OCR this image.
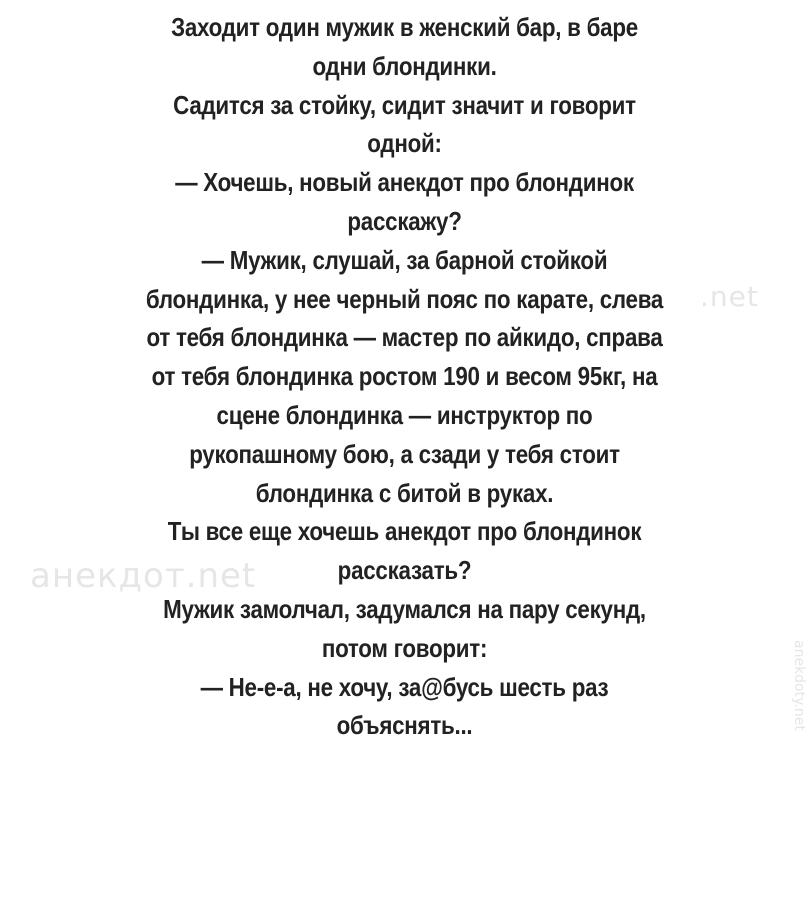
анекдот.net
.net
anekdoty.net
Заходит один мужик в женский бар, в баре
одни блондинки.
Садится за стойку, сидит значит и говорит
одной:
— Хочешь, новый анекдот про блондинок
расскажу?
— Мужик, слушай, за барной стойкой
блондинка, у нее черный пояс по карате, слева
от тебя блондинка — мастер по айкидо, справа
от тебя блондинка ростом 190 и весом 95кг, на
сцене блондинка — инструктор по
рукопашному бою, а сзади у тебя стоит
блондинка с битой в руках.
Ты все еще хочешь анекдот про блондинок
рассказать?
Мужик замолчал, задумался на пару секунд,
потом говорит:
— Не-е-а, не хочу, за@бусь шесть раз
объяснять...
